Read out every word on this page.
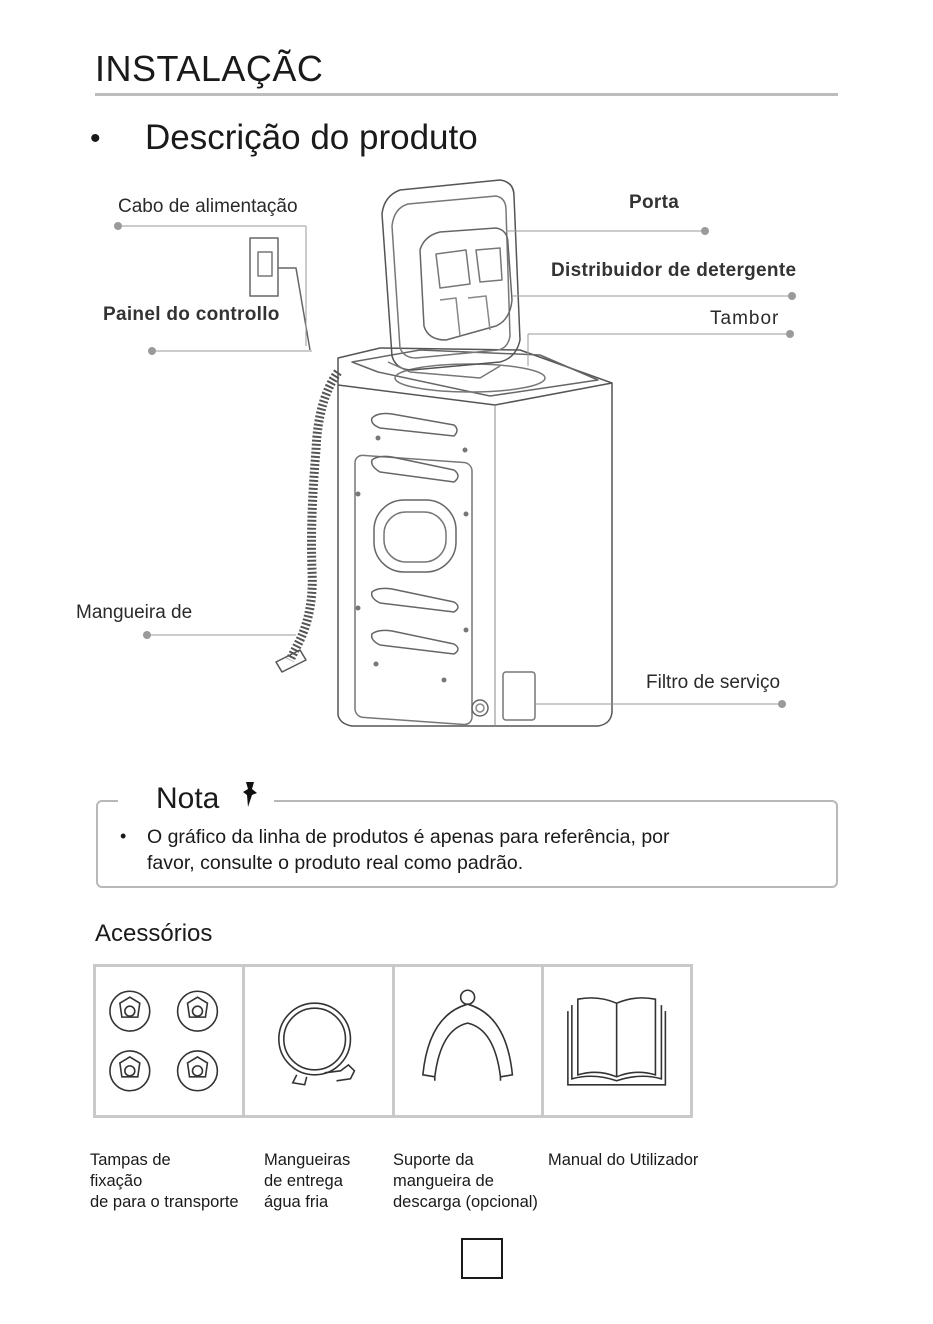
INSTALAÇÃC
• Descrição do produto
Cabo de alimentação
Painel do controllo
Porta
Distribuidor de detergente
Tambor
Mangueira de
Filtro de serviço
Nota
• O gráfico da linha de produtos é apenas para referência, por
favor, consulte o produto real como padrão.
Acessórios
Tampas de
fixação
de para o transporte
Mangueiras
de entrega
água fria
Suporte da
mangueira de
descarga (opcional)
Manual do Utilizador
